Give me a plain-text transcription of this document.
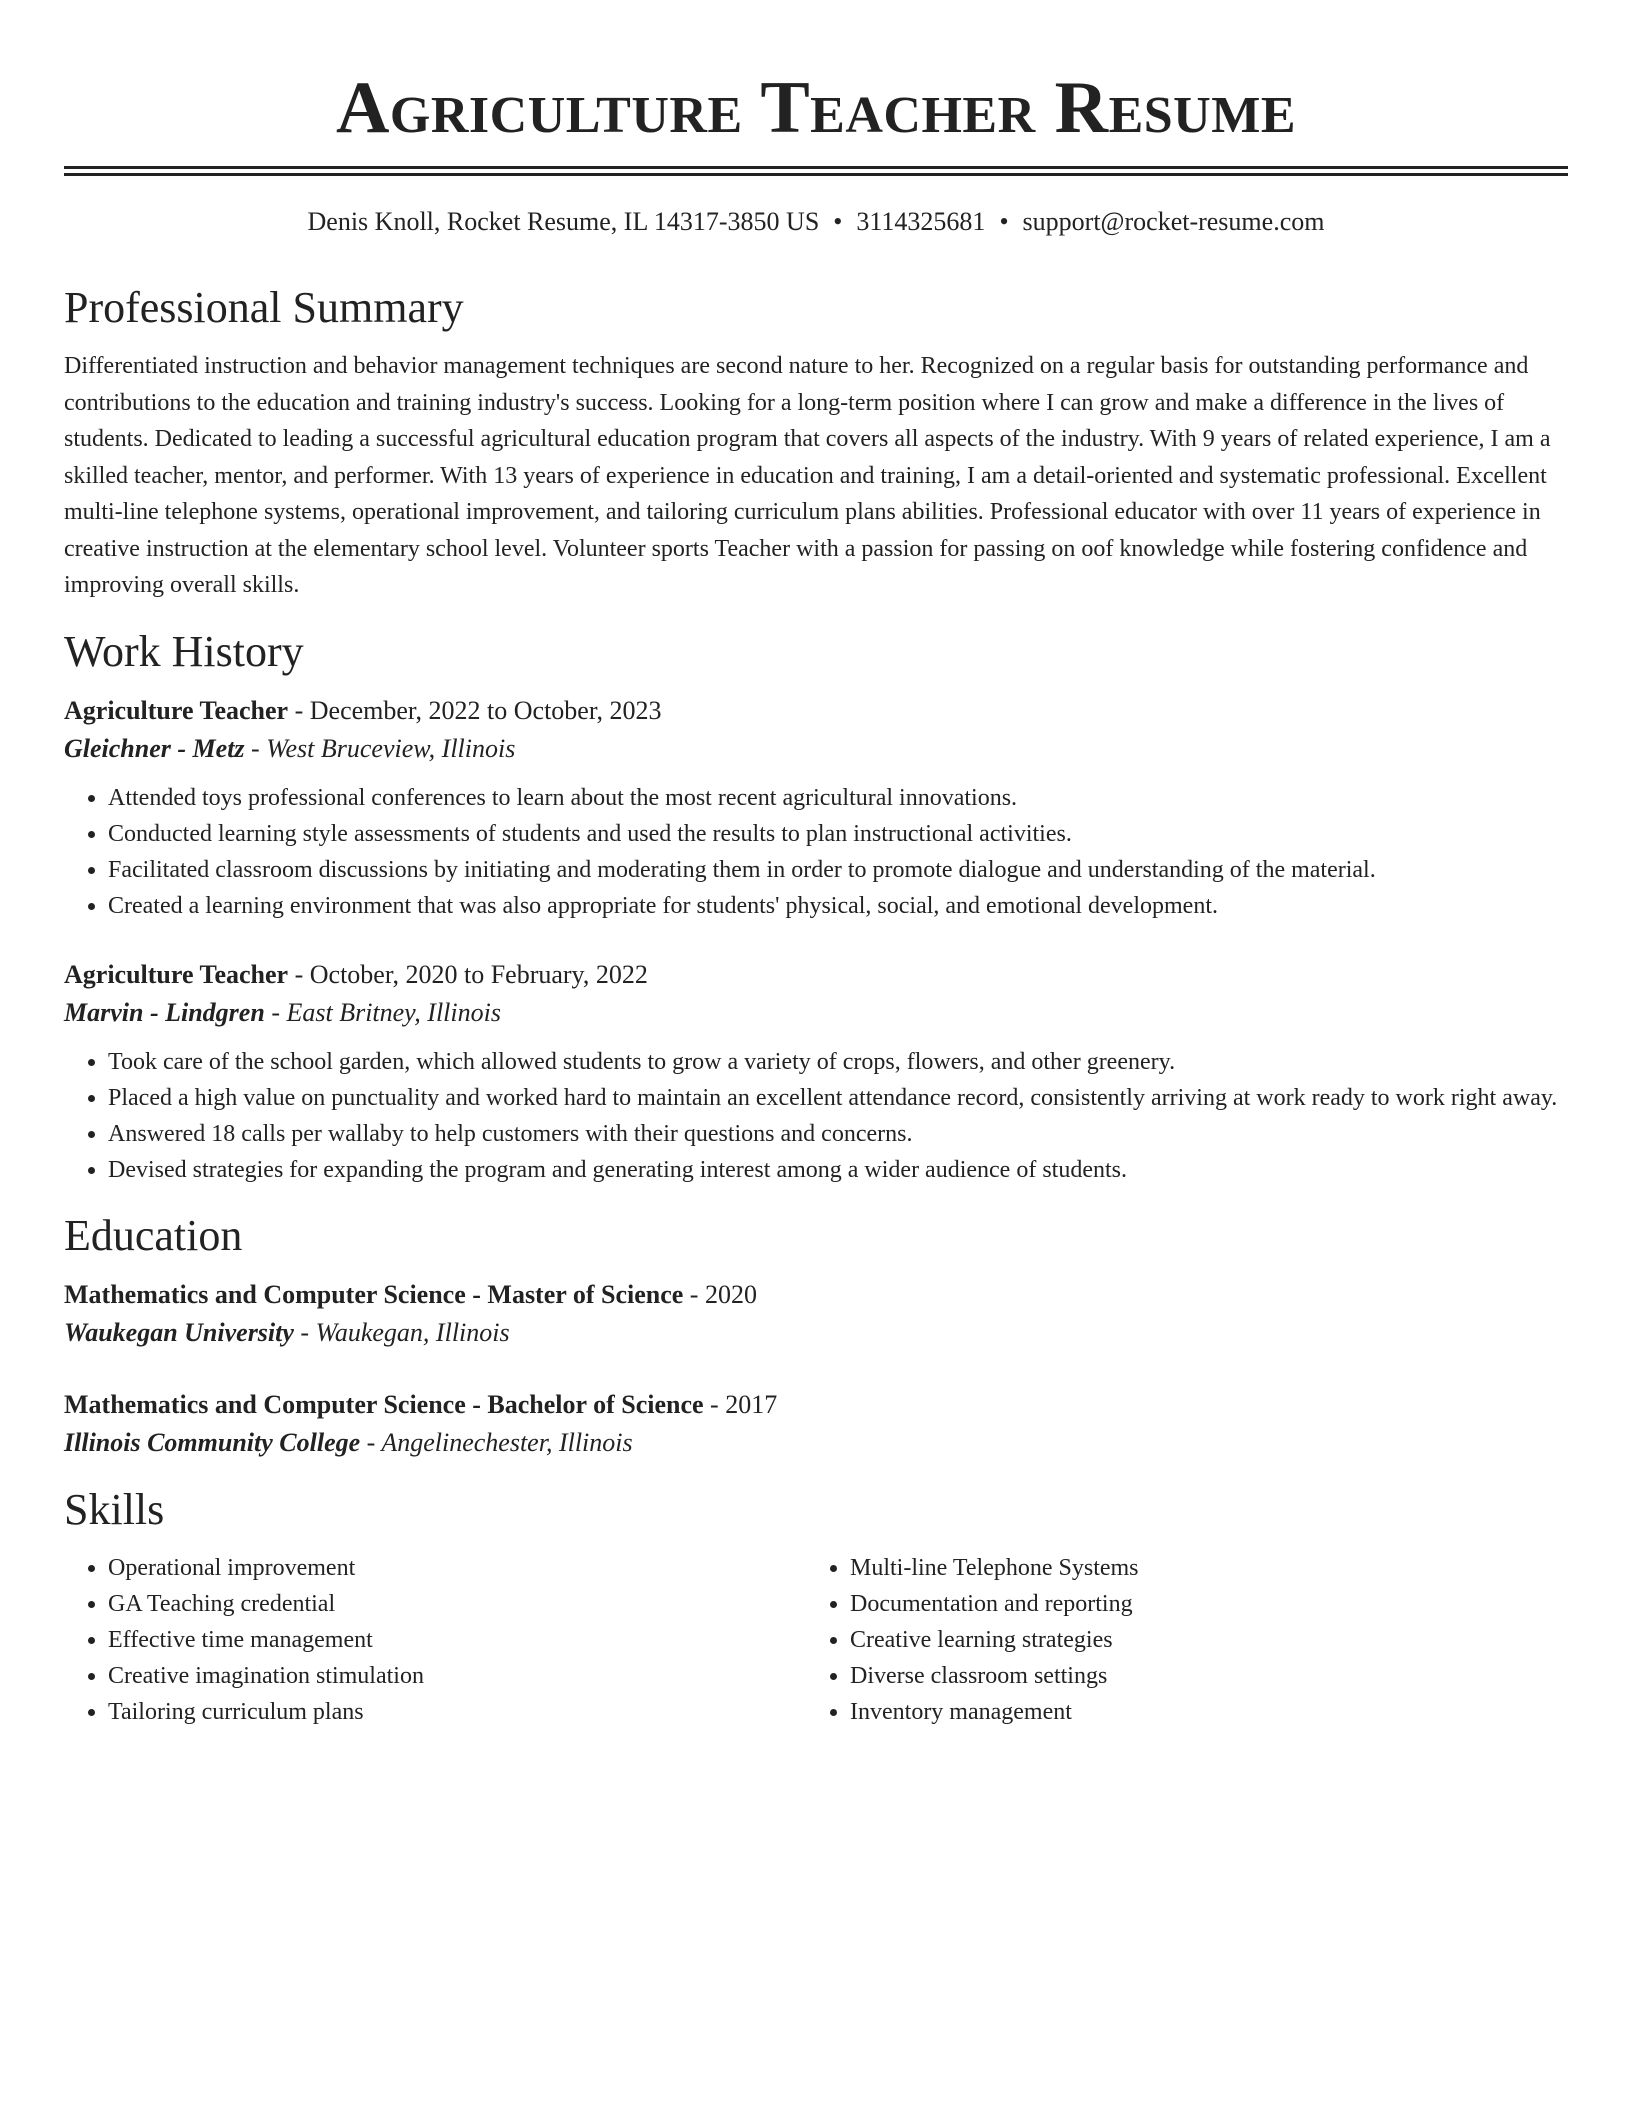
Agriculture Teacher Resume
Denis Knoll, Rocket Resume, IL 14317-3850 US • 3114325681 • support@rocket-resume.com
Professional Summary
Differentiated instruction and behavior management techniques are second nature to her. Recognized on a regular basis for outstanding performance and contributions to the education and training industry's success. Looking for a long-term position where I can grow and make a difference in the lives of students. Dedicated to leading a successful agricultural education program that covers all aspects of the industry. With 9 years of related experience, I am a skilled teacher, mentor, and performer. With 13 years of experience in education and training, I am a detail-oriented and systematic professional. Excellent multi-line telephone systems, operational improvement, and tailoring curriculum plans abilities. Professional educator with over 11 years of experience in creative instruction at the elementary school level. Volunteer sports Teacher with a passion for passing on oof knowledge while fostering confidence and improving overall skills.
Work History
Agriculture Teacher - December, 2022 to October, 2023
Gleichner - Metz - West Bruceview, Illinois
• Attended toys professional conferences to learn about the most recent agricultural innovations.
• Conducted learning style assessments of students and used the results to plan instructional activities.
• Facilitated classroom discussions by initiating and moderating them in order to promote dialogue and understanding of the material.
• Created a learning environment that was also appropriate for students' physical, social, and emotional development.
Agriculture Teacher - October, 2020 to February, 2022
Marvin - Lindgren - East Britney, Illinois
• Took care of the school garden, which allowed students to grow a variety of crops, flowers, and other greenery.
• Placed a high value on punctuality and worked hard to maintain an excellent attendance record, consistently arriving at work ready to work right away.
• Answered 18 calls per wallaby to help customers with their questions and concerns.
• Devised strategies for expanding the program and generating interest among a wider audience of students.
Education
Mathematics and Computer Science - Master of Science - 2020
Waukegan University - Waukegan, Illinois
Mathematics and Computer Science - Bachelor of Science - 2017
Illinois Community College - Angelinechester, Illinois
Skills
• Operational improvement
• GA Teaching credential
• Effective time management
• Creative imagination stimulation
• Tailoring curriculum plans
• Multi-line Telephone Systems
• Documentation and reporting
• Creative learning strategies
• Diverse classroom settings
• Inventory management
